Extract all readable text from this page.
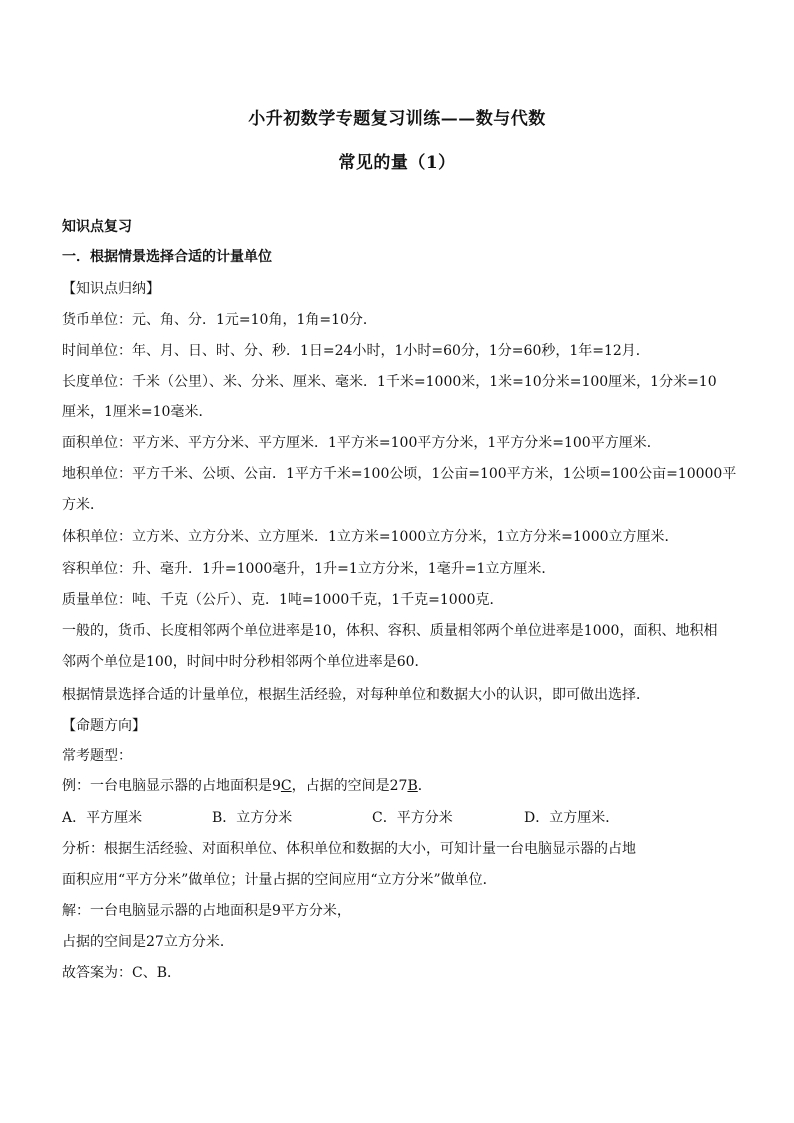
小升初数学专题复习训练——数与代数
常见的量（1）
知识点复习
一．根据情景选择合适的计量单位
【知识点归纳】
货币单位：元、角、分．1元=10角，1角=10分．
时间单位：年、月、日、时、分、秒．1日=24小时，1小时=60分，1分=60秒，1年=12月．
长度单位：千米（公里）、米、分米、厘米、毫米．1千米=1000米，1米=10分米=100厘米，1分米=10
厘米，1厘米=10毫米．
面积单位：平方米、平方分米、平方厘米．1平方米=100平方分米，1平方分米=100平方厘米．
地积单位：平方千米、公顷、公亩．1平方千米=100公顷，1公亩=100平方米，1公顷=100公亩=10000平
方米．
体积单位：立方米、立方分米、立方厘米．1立方米=1000立方分米，1立方分米=1000立方厘米．
容积单位：升、毫升．1升=1000毫升，1升=1立方分米，1毫升=1立方厘米．
质量单位：吨、千克（公斤）、克．1吨=1000千克，1千克=1000克．
一般的，货币、长度相邻两个单位进率是10，体积、容积、质量相邻两个单位进率是1000，面积、地积相
邻两个单位是100，时间中时分秒相邻两个单位进率是60．
根据情景选择合适的计量单位，根据生活经验，对每种单位和数据大小的认识，即可做出选择．
【命题方向】
常考题型：
例：一台电脑显示器的占地面积是9C，占据的空间是27B．
A．平方厘米	B．立方分米	C．平方分米	D．立方厘米．
分析：根据生活经验、对面积单位、体积单位和数据的大小，可知计量一台电脑显示器的占地
面积应用“平方分米”做单位；计量占据的空间应用“立方分米”做单位．
解：一台电脑显示器的占地面积是9平方分米，
占据的空间是27立方分米．
故答案为：C、B．
